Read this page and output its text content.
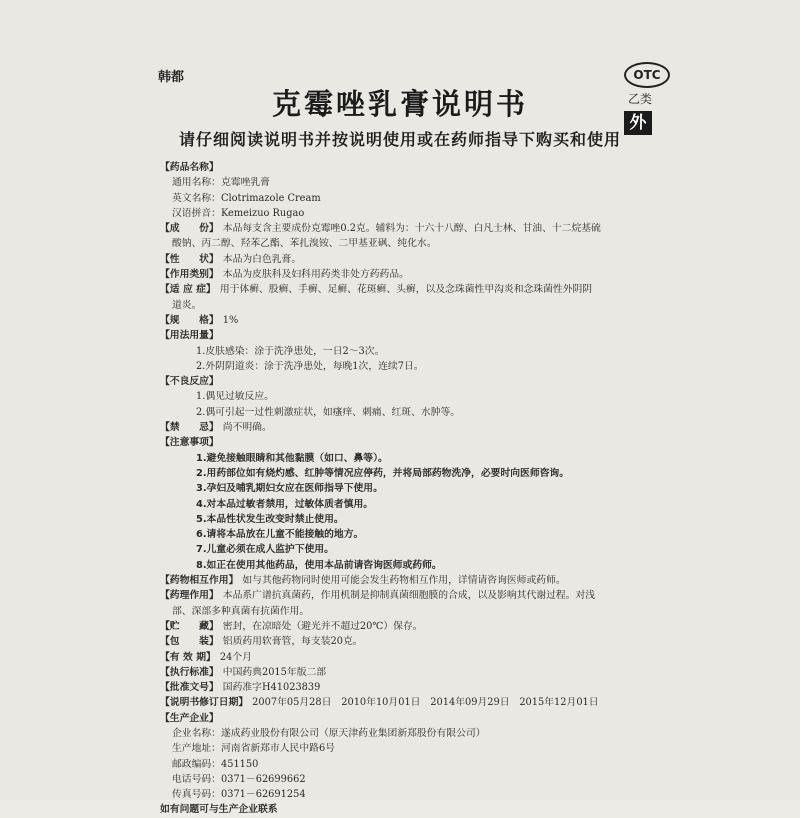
韩都
克霉唑乳膏说明书
OTC
乙类
外
请仔细阅读说明书并按说明使用或在药师指导下购买和使用
【药品名称】
通用名称：克霉唑乳膏
英文名称：Clotrimazole Cream
汉语拼音：Kemeizuo Rugao
【成　　份】 本品每支含主要成份克霉唑0.2克。辅料为：十六十八醇、白凡士林、甘油、十二烷基硫
酸钠、丙二醇、羟苯乙酯、苯扎溴铵、二甲基亚砜、纯化水。
【性　　状】 本品为白色乳膏。
【作用类别】 本品为皮肤科及妇科用药类非处方药药品。
【适 应 症】 用于体癣、股癣、手癣、足癣、花斑癣、头癣，以及念珠菌性甲沟炎和念珠菌性外阴阴
道炎。
【规　　格】 1%
【用法用量】
1.皮肤感染：涂于洗净患处，一日2～3次。
2.外阴阴道炎：涂于洗净患处，每晚1次，连续7日。
【不良反应】
1.偶见过敏反应。
2.偶可引起一过性刺激症状，如瘙痒、刺痛、红斑、水肿等。
【禁　　忌】 尚不明确。
【注意事项】
1.避免接触眼睛和其他黏膜（如口、鼻等）。
2.用药部位如有烧灼感、红肿等情况应停药，并将局部药物洗净，必要时向医师咨询。
3.孕妇及哺乳期妇女应在医师指导下使用。
4.对本品过敏者禁用，过敏体质者慎用。
5.本品性状发生改变时禁止使用。
6.请将本品放在儿童不能接触的地方。
7.儿童必须在成人监护下使用。
8.如正在使用其他药品，使用本品前请咨询医师或药师。
【药物相互作用】 如与其他药物同时使用可能会发生药物相互作用，详情请咨询医师或药师。
【药理作用】 本品系广谱抗真菌药，作用机制是抑制真菌细胞膜的合成，以及影响其代谢过程。对浅
部、深部多种真菌有抗菌作用。
【贮　　藏】 密封，在凉暗处（避光并不超过20℃）保存。
【包　　装】 铝质药用软膏管，每支装20克。
【有 效 期】 24个月
【执行标准】 中国药典2015年版二部
【批准文号】 国药准字H41023839
【说明书修订日期】 2007年05月28日　2010年10月01日　2014年09月29日　2015年12月01日
【生产企业】
企业名称：遂成药业股份有限公司（原天津药业集团新郑股份有限公司）
生产地址：河南省新郑市人民中路6号
邮政编码：451150
电话号码：0371－62699662
传真号码：0371－62691254
如有问题可与生产企业联系
